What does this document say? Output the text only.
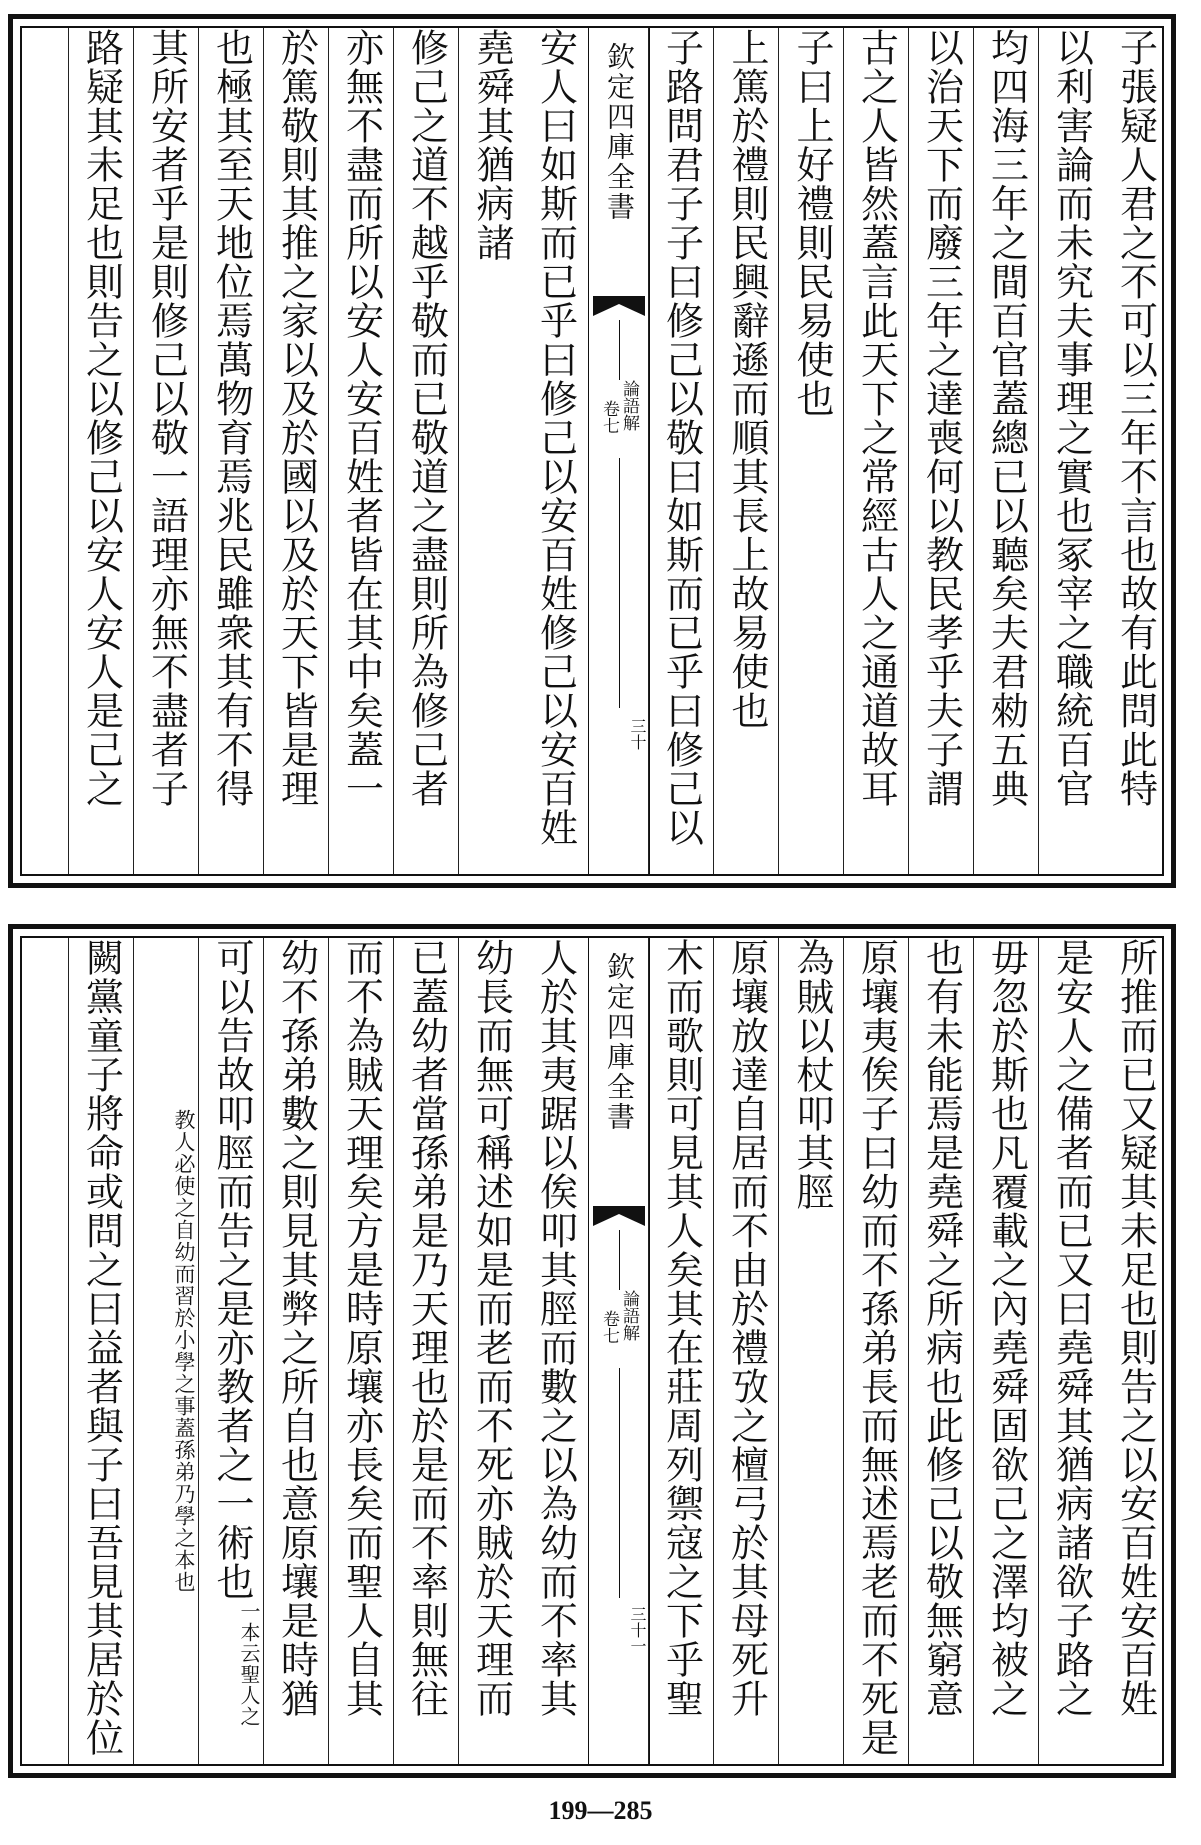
子張疑人君之不可以三年不言也故有此問此特
以利害論而未究夫事理之實也冢宰之職統百官
均四海三年之間百官蓋總已以聽矣夫君勑五典
以治天下而廢三年之達喪何以教民孝乎夫子謂
古之人皆然蓋言此天下之常經古人之通道故耳
子曰上好禮則民易使也
上篤於禮則民興辭遜而順其長上故易使也
子路問君子子曰修己以敬曰如斯而已乎曰修己以
欽定四庫全書
論語解
卷七
三十
安人曰如斯而已乎曰修己以安百姓修己以安百姓
堯舜其猶病諸
修己之道不越乎敬而已敬道之盡則所為修己者
亦無不盡而所以安人安百姓者皆在其中矣蓋一
於篤敬則其推之家以及於國以及於天下皆是理
也極其至天地位焉萬物育焉兆民雖衆其有不得
其所安者乎是則修己以敬一語理亦無不盡者子
路疑其未足也則告之以修己以安人安人是己之
所推而已又疑其未足也則告之以安百姓安百姓
是安人之備者而已又曰堯舜其猶病諸欲子路之
毋忽於斯也凡覆載之內堯舜固欲己之澤均被之
也有未能焉是堯舜之所病也此修己以敬無窮意
原壤夷俟子曰幼而不孫弟長而無述焉老而不死是
為賊以杖叩其脛
原壤放達自居而不由於禮攷之檀弓於其母死升
木而歌則可見其人矣其在莊周列禦寇之下乎聖
欽定四庫全書
論語解
卷七
三十一
人於其夷踞以俟叩其脛而數之以為幼而不率其
幼長而無可稱述如是而老而不死亦賊於天理而
已蓋幼者當孫弟是乃天理也於是而不率則無往
而不為賊天理矣方是時原壤亦長矣而聖人自其
幼不孫弟數之則見其弊之所自也意原壤是時猶
可以告故叩脛而告之是亦教者之一術也
一本云聖人之
教人必使之自幼而習於小
學之事蓋孫弟乃學之本也
闕黨童子將命或問之曰益者與子曰吾見其居於位
199—285
